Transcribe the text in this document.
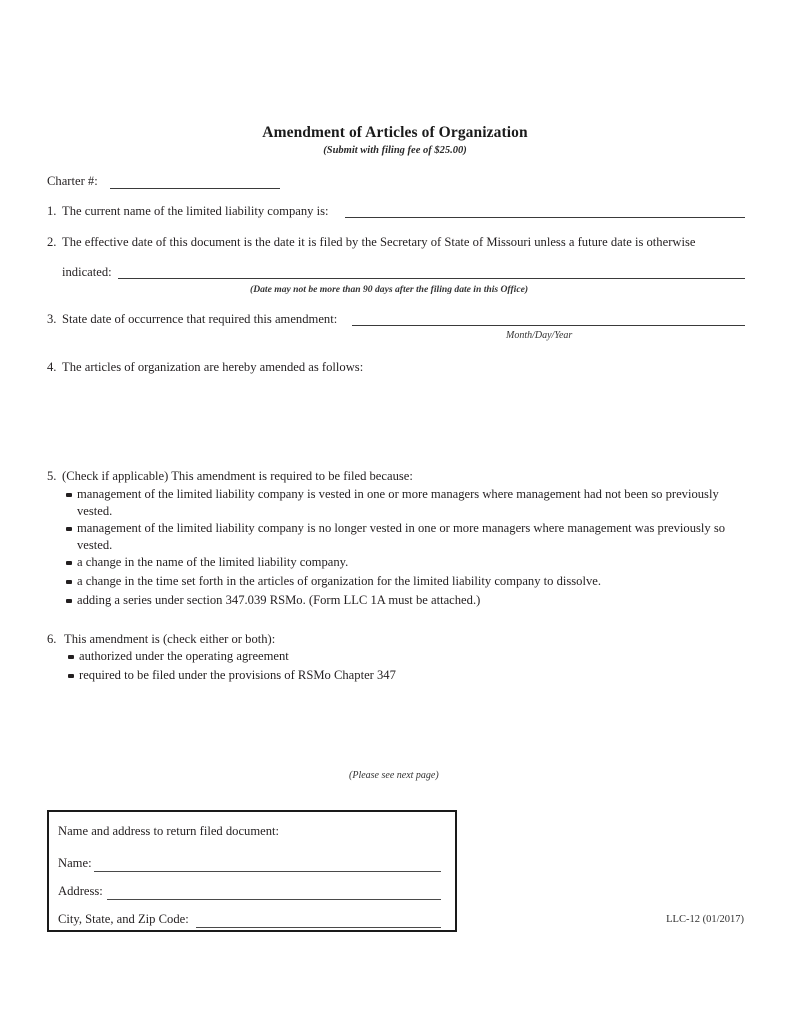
Amendment of Articles of Organization
(Submit with filing fee of $25.00)
Charter #:
1. The current name of the limited liability company is:
2. The effective date of this document is the date it is filed by the Secretary of State of Missouri unless a future date is otherwise
indicated:
(Date may not be more than 90 days after the filing date in this Office)
3. State date of occurrence that required this amendment:
Month/Day/Year
4. The articles of organization are hereby amended as follows:
5. (Check if applicable) This amendment is required to be filed because:
management of the limited liability company is vested in one or more managers where management had not been so previously
vested.
management of the limited liability company is no longer vested in one or more managers where management was previously so
vested.
a change in the name of the limited liability company.
a change in the time set forth in the articles of organization for the limited liability company to dissolve.
adding a series under section 347.039 RSMo. (Form LLC 1A must be attached.)
6. This amendment is (check either or both):
authorized under the operating agreement
required to be filed under the provisions of RSMo Chapter 347
(Please see next page)
Name and address to return filed document:
Name:
Address:
City, State, and Zip Code:	LLC-12 (01/2017)
